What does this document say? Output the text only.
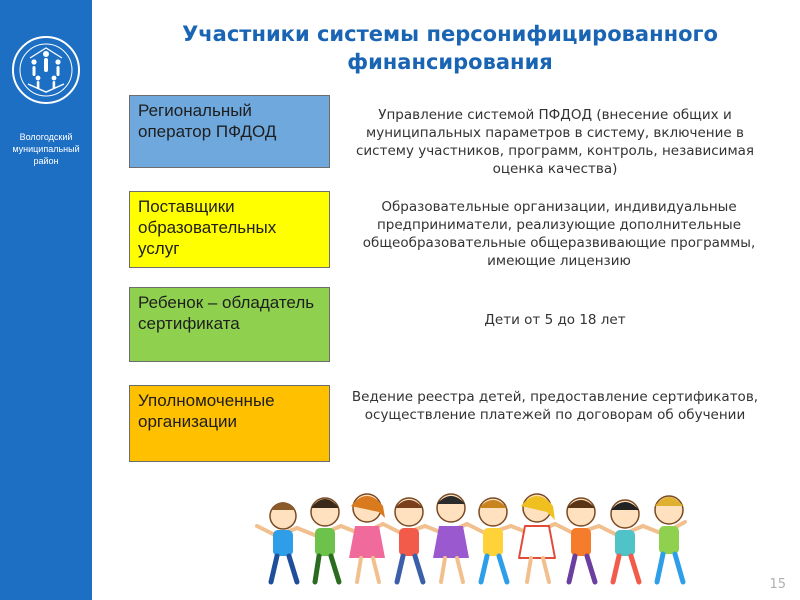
Вологодский
муниципальный
район
Участники системы персонифицированного
финансирования
Региональный оператор ПФДОД
Управление системой ПФДОД (внесение общих и муниципальных параметров в систему, включение в систему участников, программ, контроль, независимая оценка качества)
Поставщики образовательных услуг
Образовательные организации, индивидуальные предприниматели, реализующие дополнительные общеобразовательные общеразвивающие программы, имеющие лицензию
Ребенок – обладатель сертификата	Дети от 5 до 18 лет
Уполномоченные организации
Ведение реестра детей, предоставление сертификатов, осуществление платежей по договорам об обучении
15
